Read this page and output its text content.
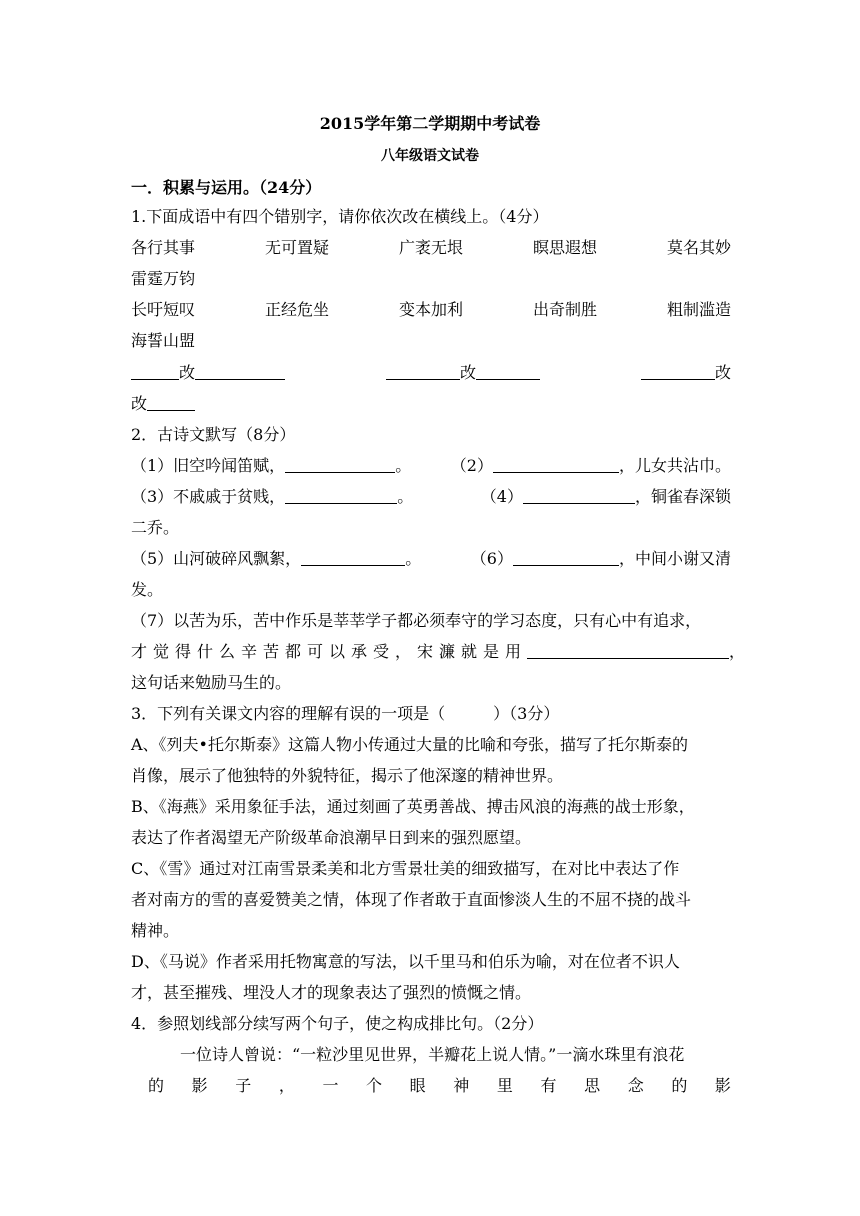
2015学年第二学期期中考试卷
八年级语文试卷
一．积累与运用。（24分）
1.下面成语中有四个错别字，请你依次改在横线上。（4分）
各行其事	无可置疑	广袤无垠	瞑思遐想	莫名其妙
雷霆万钧
长吁短叹	正经危坐	变本加利	出奇制胜	粗制滥造
海誓山盟
改	改	改
改
2．古诗文默写（8分）
（1）旧空吟闻笛赋，	。 （2）	，儿女共沾巾。
（3）不戚戚于贫贱，	。	（4）	，铜雀春深锁
二乔。
（5）山河破碎风飘絮，	。	（6）	，中间小谢又清
发。
（7）以苦为乐，苦中作乐是莘莘学子都必须奉守的学习态度，只有心中有追求，
才觉得什么辛苦都可以承受，宋濂就是用	，
这句话来勉励马生的。
3．下列有关课文内容的理解有误的一项是（　　　）（3分）
A、《列夫•托尔斯泰》这篇人物小传通过大量的比喻和夸张，描写了托尔斯泰的
肖像，展示了他独特的外貌特征，揭示了他深邃的精神世界。
B、《海燕》采用象征手法，通过刻画了英勇善战、搏击风浪的海燕的战士形象，
表达了作者渴望无产阶级革命浪潮早日到来的强烈愿望。
C、《雪》通过对江南雪景柔美和北方雪景壮美的细致描写，在对比中表达了作
者对南方的雪的喜爱赞美之情，体现了作者敢于直面惨淡人生的不屈不挠的战斗
精神。
D、《马说》作者采用托物寓意的写法，以千里马和伯乐为喻，对在位者不识人
才，甚至摧残、埋没人才的现象表达了强烈的愤慨之情。
4．参照划线部分续写两个句子，使之构成排比句。（2分）
一位诗人曾说：“一粒沙里见世界，半瓣花上说人情。”一滴水珠里有浪花
的 影 子 ， 一 个 眼 神 里 有 思 念 的 影
